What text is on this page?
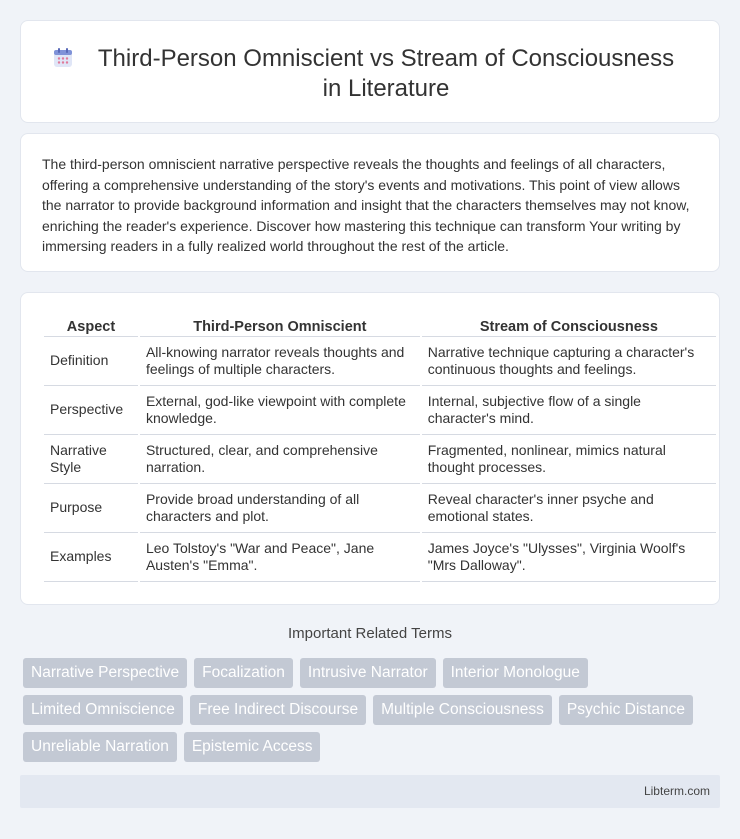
Third-Person Omniscient vs Stream of Consciousness in Literature

The third-person omniscient narrative perspective reveals the thoughts and feelings of all characters, offering a comprehensive understanding of the story's events and motivations. This point of view allows the narrator to provide background information and insight that the characters themselves may not know, enriching the reader's experience. Discover how mastering this technique can transform Your writing by immersing readers in a fully realized world throughout the rest of the article.

Aspect	Third-Person Omniscient	Stream of Consciousness
Definition	All-knowing narrator reveals thoughts and feelings of multiple characters.	Narrative technique capturing a character's continuous thoughts and feelings.
Perspective	External, god-like viewpoint with complete knowledge.	Internal, subjective flow of a single character's mind.
Narrative Style	Structured, clear, and comprehensive narration.	Fragmented, nonlinear, mimics natural thought processes.
Purpose	Provide broad understanding of all characters and plot.	Reveal character's inner psyche and emotional states.
Examples	Leo Tolstoy's "War and Peace", Jane Austen's "Emma".	James Joyce's "Ulysses", Virginia Woolf's "Mrs Dalloway".
Important Related Terms
Narrative Perspective	Focalization	Intrusive Narrator	Interior Monologue
Limited Omniscience	Free Indirect Discourse	Multiple Consciousness	Psychic Distance
Unreliable Narration	Epistemic Access
Libterm.com
